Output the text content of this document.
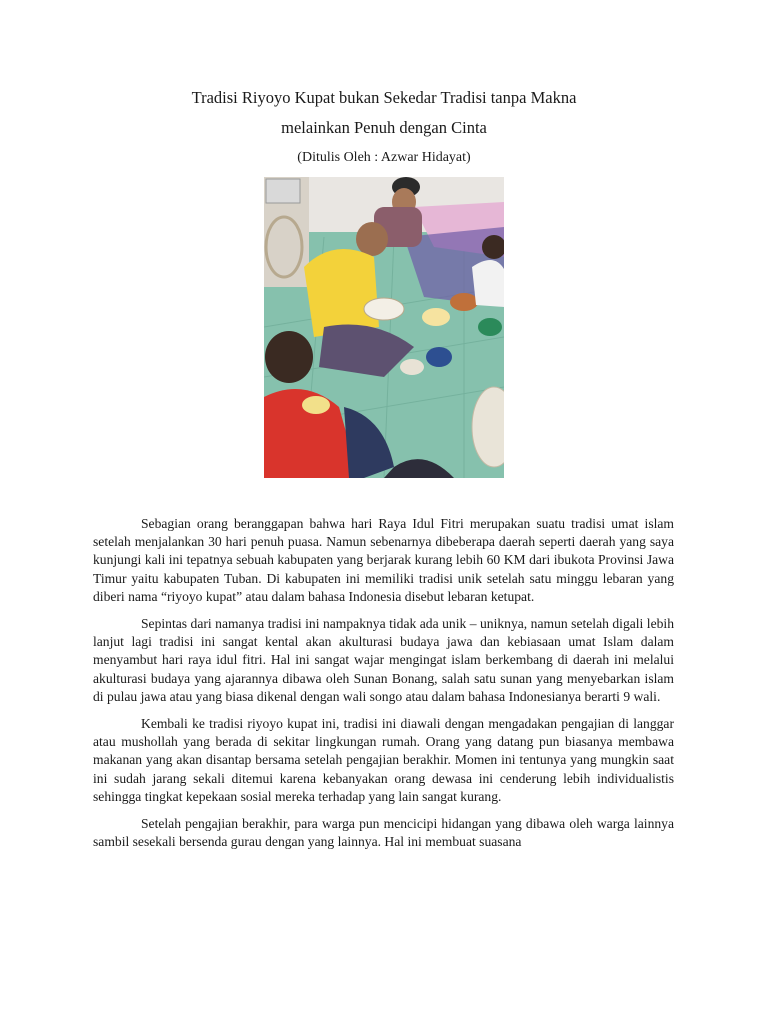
Tradisi Riyoyo Kupat bukan Sekedar Tradisi tanpa Makna
melainkan Penuh dengan Cinta
(Ditulis Oleh : Azwar Hidayat)

Sebagian orang beranggapan bahwa hari Raya Idul Fitri merupakan suatu tradisi umat islam setelah menjalankan 30 hari penuh puasa. Namun sebenarnya dibeberapa daerah seperti daerah yang saya kunjungi kali ini tepatnya sebuah kabupaten yang berjarak kurang lebih 60 KM dari ibukota Provinsi Jawa Timur yaitu kabupaten Tuban. Di kabupaten ini memiliki tradisi unik setelah satu minggu lebaran yang diberi nama “riyoyo kupat” atau dalam bahasa Indonesia disebut lebaran ketupat.

Sepintas dari namanya tradisi ini nampaknya tidak ada unik – uniknya, namun setelah digali lebih lanjut lagi tradisi ini sangat kental akan akulturasi budaya jawa dan kebiasaan umat Islam dalam menyambut hari raya idul fitri. Hal ini sangat wajar mengingat islam berkembang di daerah ini melalui akulturasi budaya yang ajarannya dibawa oleh Sunan Bonang, salah satu sunan yang menyebarkan islam di pulau jawa atau yang biasa dikenal dengan wali songo atau dalam bahasa Indonesianya berarti 9 wali.

Kembali ke tradisi riyoyo kupat ini, tradisi ini diawali dengan mengadakan pengajian di langgar atau mushollah yang berada di sekitar lingkungan rumah. Orang yang datang pun biasanya membawa makanan yang akan disantap bersama setelah pengajian berakhir. Momen ini tentunya yang mungkin saat ini sudah jarang sekali ditemui karena kebanyakan orang dewasa ini cenderung lebih individualistis sehingga tingkat kepekaan sosial mereka terhadap yang lain sangat kurang.

Setelah pengajian berakhir, para warga pun mencicipi hidangan yang dibawa oleh warga lainnya sambil sesekali bersenda gurau dengan yang lainnya. Hal ini membuat suasana
